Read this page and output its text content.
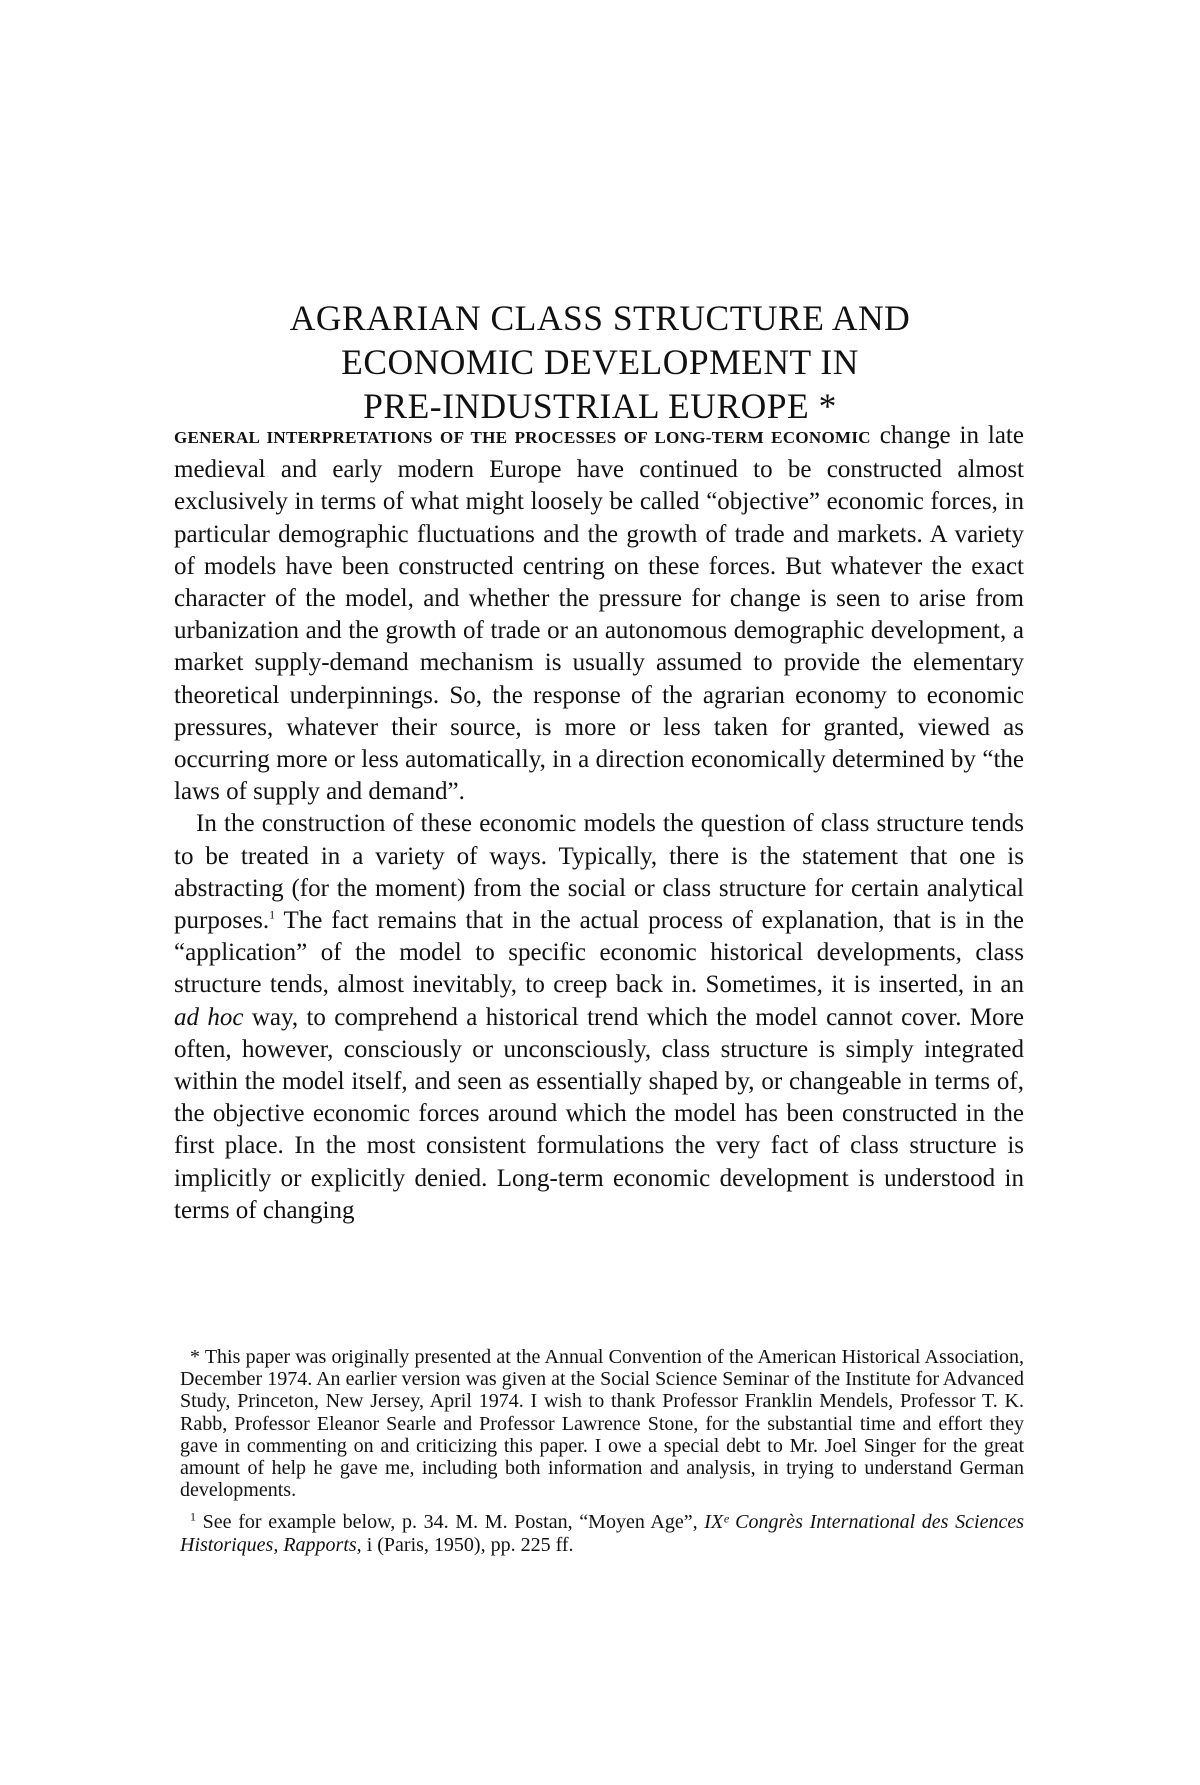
AGRARIAN CLASS STRUCTURE AND
ECONOMIC DEVELOPMENT IN
PRE-INDUSTRIAL EUROPE *

GENERAL INTERPRETATIONS OF THE PROCESSES OF LONG-TERM ECONOMIC change in late medieval and early modern Europe have continued to be constructed almost exclusively in terms of what might loosely be called “objective” economic forces, in particular demographic fluctuations and the growth of trade and markets. A variety of models have been constructed centring on these forces. But whatever the exact character of the model, and whether the pressure for change is seen to arise from urbanization and the growth of trade or an autonomous demographic development, a market supply-demand mechanism is usually assumed to provide the elementary theoretical underpinnings. So, the response of the agrarian economy to economic pressures, whatever their source, is more or less taken for granted, viewed as occurring more or less automatically, in a direction economically determined by “the laws of supply and demand”.

In the construction of these economic models the question of class structure tends to be treated in a variety of ways. Typically, there is the statement that one is abstracting (for the moment) from the social or class structure for certain analytical purposes.$^1$ The fact remains that in the actual process of explanation, that is in the “application” of the model to specific economic historical developments, class structure tends, almost inevitably, to creep back in. Sometimes, it is inserted, in an ad hoc way, to comprehend a historical trend which the model cannot cover. More often, however, consciously or unconsciously, class structure is simply integrated within the model itself, and seen as essentially shaped by, or changeable in terms of, the objective economic forces around which the model has been constructed in the first place. In the most consistent formulations the very fact of class structure is implicitly or explicitly denied. Long-term economic development is understood in terms of changing

* This paper was originally presented at the Annual Convention of the American Historical Association, December 1974. An earlier version was given at the Social Science Seminar of the Institute for Advanced Study, Princeton, New Jersey, April 1974. I wish to thank Professor Franklin Mendels, Professor T. K. Rabb, Professor Eleanor Searle and Professor Lawrence Stone, for the substantial time and effort they gave in commenting on and criticizing this paper. I owe a special debt to Mr. Joel Singer for the great amount of help he gave me, including both information and analysis, in trying to understand German developments.

$^1$ See for example below, p. 34. M. M. Postan, “Moyen Age”, IXᵉ Congrès International des Sciences Historiques, Rapports, i (Paris, 1950), pp. 225 ff.
